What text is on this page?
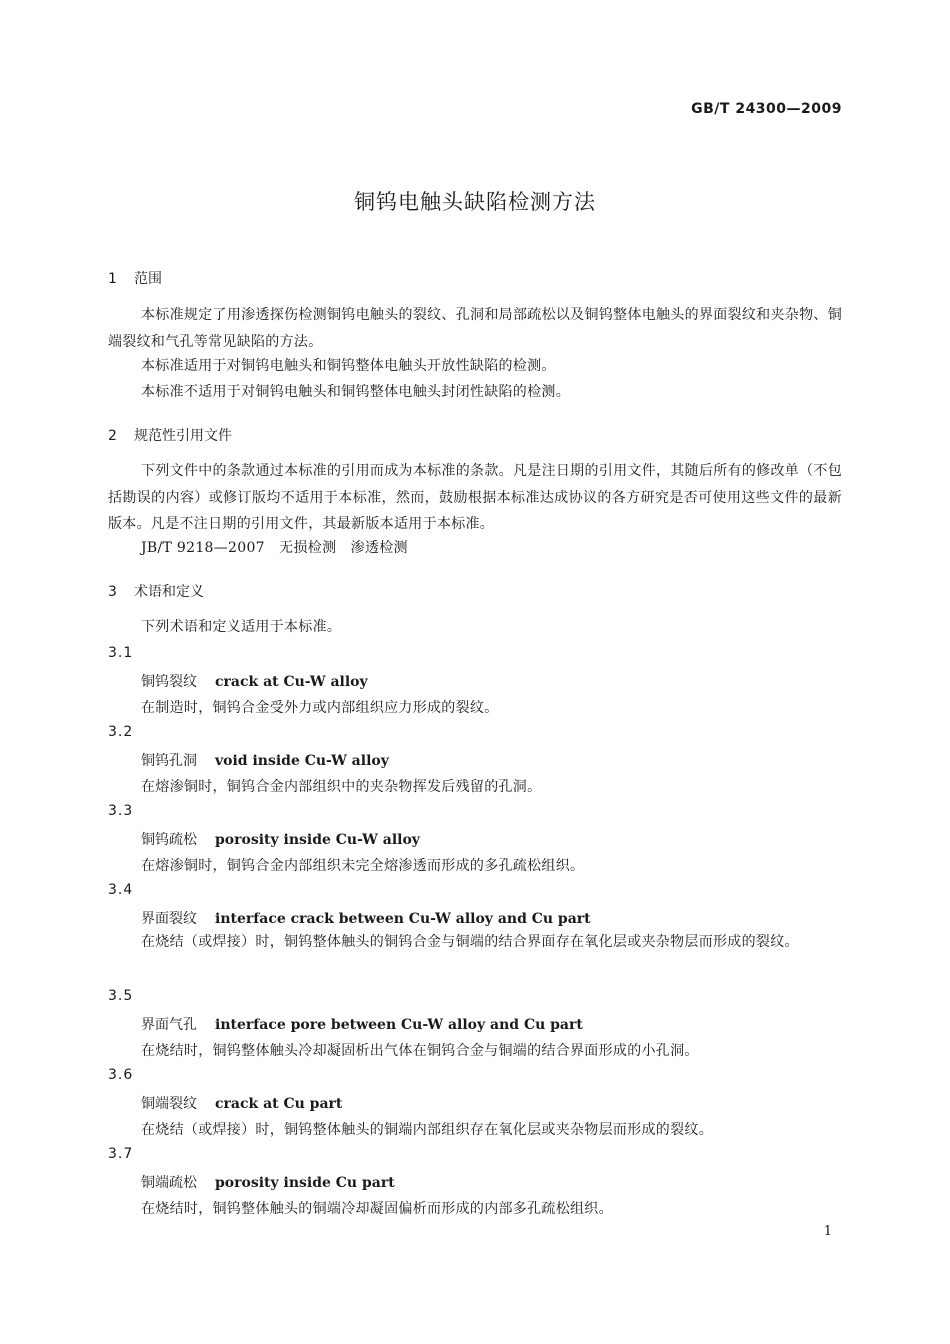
GB/T 24300—2009
铜钨电触头缺陷检测方法
1 范围
本标准规定了用渗透探伤检测铜钨电触头的裂纹、孔洞和局部疏松以及铜钨整体电触头的界面裂纹和夹杂物、铜端裂纹和气孔等常见缺陷的方法。
本标准适用于对铜钨电触头和铜钨整体电触头开放性缺陷的检测。
本标准不适用于对铜钨电触头和铜钨整体电触头封闭性缺陷的检测。
2 规范性引用文件
下列文件中的条款通过本标准的引用而成为本标准的条款。凡是注日期的引用文件，其随后所有的修改单（不包括勘误的内容）或修订版均不适用于本标准，然而，鼓励根据本标准达成协议的各方研究是否可使用这些文件的最新版本。凡是不注日期的引用文件，其最新版本适用于本标准。
JB/T 9218—2007　无损检测　渗透检测
3 术语和定义
下列术语和定义适用于本标准。
3.1
铜钨裂纹 crack at Cu-W alloy
在制造时，铜钨合金受外力或内部组织应力形成的裂纹。
3.2
铜钨孔洞 void inside Cu-W alloy
在熔渗铜时，铜钨合金内部组织中的夹杂物挥发后残留的孔洞。
3.3
铜钨疏松 porosity inside Cu-W alloy
在熔渗铜时，铜钨合金内部组织未完全熔渗透而形成的多孔疏松组织。
3.4
界面裂纹 interface crack between Cu-W alloy and Cu part
在烧结（或焊接）时，铜钨整体触头的铜钨合金与铜端的结合界面存在氧化层或夹杂物层而形成的裂纹。
3.5
界面气孔 interface pore between Cu-W alloy and Cu part
在烧结时，铜钨整体触头冷却凝固析出气体在铜钨合金与铜端的结合界面形成的小孔洞。
3.6
铜端裂纹 crack at Cu part
在烧结（或焊接）时，铜钨整体触头的铜端内部组织存在氧化层或夹杂物层而形成的裂纹。
3.7
铜端疏松 porosity inside Cu part
在烧结时，铜钨整体触头的铜端冷却凝固偏析而形成的内部多孔疏松组织。
1
